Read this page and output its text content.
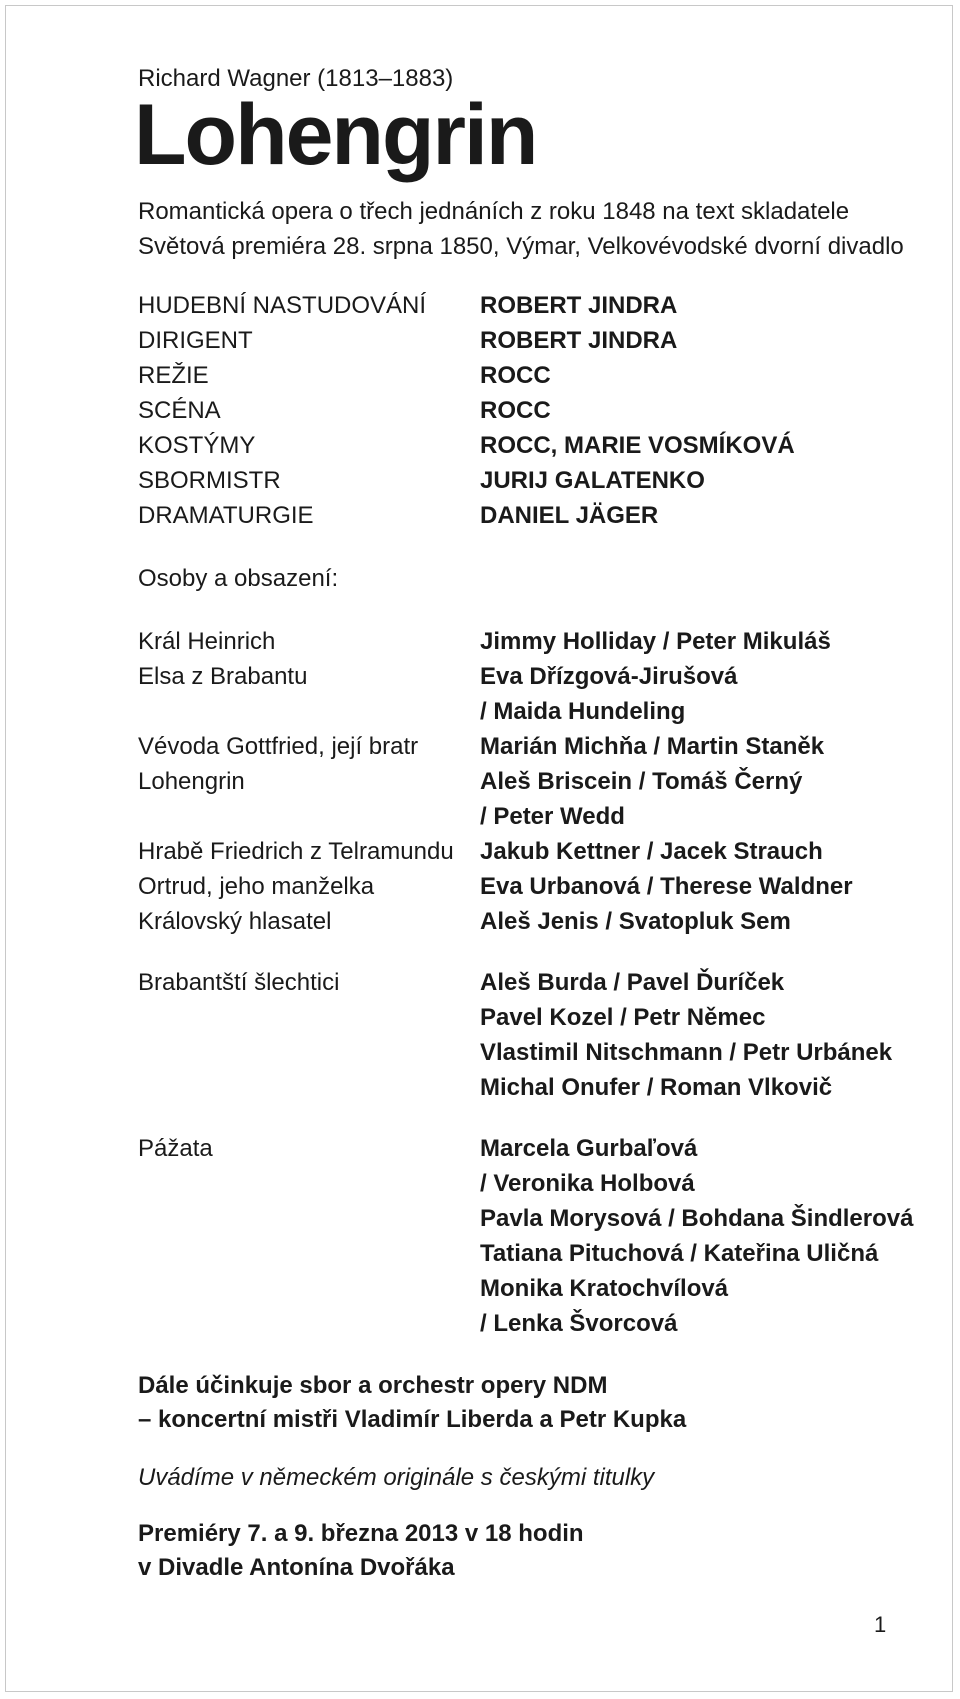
Richard Wagner (1813–1883)

Lohengrin
Romantická opera o třech jednáních z roku 1848 na text skladatele
Světová premiéra 28. srpna 1850, Výmar, Velkovévodské dvorní divadlo
HUDEBNÍ NASTUDOVÁNÍ	ROBERT JINDRA
DIRIGENT	ROBERT JINDRA
REŽIE	ROCC
SCÉNA	ROCC
KOSTÝMY	ROCC, MARIE VOSMÍKOVÁ
SBORMISTR	JURIJ GALATENKO
DRAMATURGIE	DANIEL JÄGER
Osoby a obsazení:
Král Heinrich	Jimmy Holliday / Peter Mikuláš
Elsa z Brabantu	Eva Dřízgová-Jirušová
/ Maida Hundeling
Vévoda Gottfried, její bratr	Marián Michňa / Martin Staněk
Lohengrin	Aleš Briscein / Tomáš Černý
/ Peter Wedd
Hrabě Friedrich z Telramundu	Jakub Kettner / Jacek Strauch
Ortrud, jeho manželka	Eva Urbanová / Therese Waldner
Královský hlasatel	Aleš Jenis / Svatopluk Sem
Brabantští šlechtici	Aleš Burda / Pavel Ďuríček
Pavel Kozel / Petr Němec
Vlastimil Nitschmann / Petr Urbánek
Michal Onufer / Roman Vlkovič
Pážata	Marcela Gurbaľová
/ Veronika Holbová
Pavla Morysová / Bohdana Šindlerová
Tatiana Pituchová / Kateřina Uličná
Monika Kratochvílová
/ Lenka Švorcová
Dále účinkuje sbor a orchestr opery NDM
– koncertní mistři Vladimír Liberda a Petr Kupka
Uvádíme v německém originále s českými titulky
Premiéry 7. a 9. března 2013 v 18 hodin
v Divadle Antonína Dvořáka
1
